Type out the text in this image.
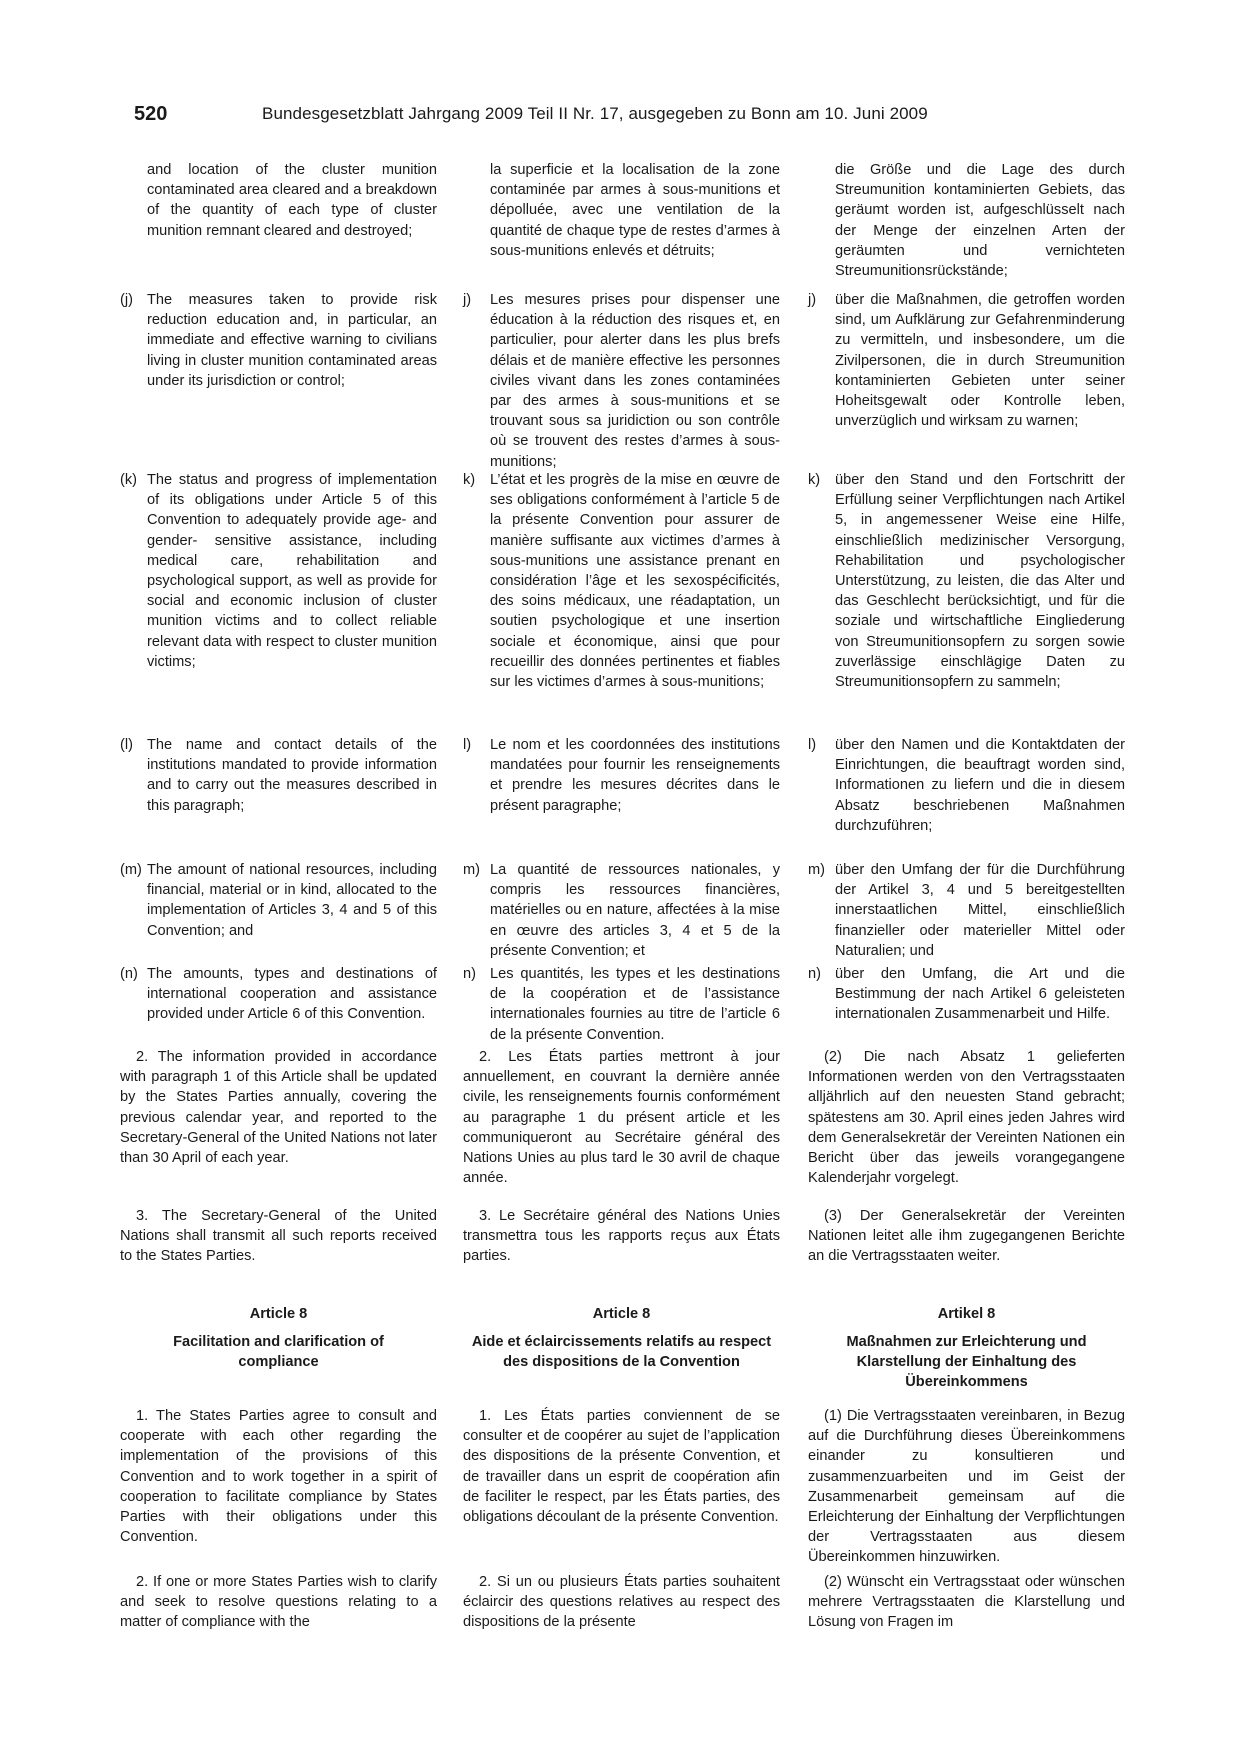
520	Bundesgesetzblatt Jahrgang 2009 Teil II Nr. 17, ausgegeben zu Bonn am 10. Juni 2009
and location of the cluster munition contaminated area cleared and a breakdown of the quantity of each type of cluster munition remnant cleared and destroyed;
(j) The measures taken to provide risk reduction education and, in particular, an immediate and effective warning to civilians living in cluster munition contaminated areas under its jurisdiction or control;
(k) The status and progress of implementation of its obligations under Article 5 of this Convention to adequately provide age- and gender- sensitive assistance, including medical care, rehabilitation and psychological support, as well as provide for social and economic inclusion of cluster munition victims and to collect reliable relevant data with respect to cluster munition victims;
(l) The name and contact details of the institutions mandated to provide information and to carry out the measures described in this paragraph;
(m) The amount of national resources, including financial, material or in kind, allocated to the implementation of Articles 3, 4 and 5 of this Convention; and
(n) The amounts, types and destinations of international cooperation and assistance provided under Article 6 of this Convention.
2. The information provided in accordance with paragraph 1 of this Article shall be updated by the States Parties annually, covering the previous calendar year, and reported to the Secretary-General of the United Nations not later than 30 April of each year.
3. The Secretary-General of the United Nations shall transmit all such reports received to the States Parties.
Article 8
Facilitation and clarification of compliance
1. The States Parties agree to consult and cooperate with each other regarding the implementation of the provisions of this Convention and to work together in a spirit of cooperation to facilitate compliance by States Parties with their obligations under this Convention.
2. If one or more States Parties wish to clarify and seek to resolve questions relating to a matter of compliance with the
la superficie et la localisation de la zone contaminée par armes à sous-munitions et dépolluée, avec une ventilation de la quantité de chaque type de restes d’armes à sous-munitions enlevés et détruits;
j) Les mesures prises pour dispenser une éducation à la réduction des risques et, en particulier, pour alerter dans les plus brefs délais et de manière effective les personnes civiles vivant dans les zones contaminées par des armes à sous-munitions et se trouvant sous sa juridiction ou son contrôle où se trouvent des restes d’armes à sous-munitions;
k) L’état et les progrès de la mise en œuvre de ses obligations conformément à l’article 5 de la présente Convention pour assurer de manière suffisante aux victimes d’armes à sous-munitions une assistance prenant en considération l’âge et les sexospécificités, des soins médicaux, une réadaptation, un soutien psychologique et une insertion sociale et économique, ainsi que pour recueillir des données pertinentes et fiables sur les victimes d’armes à sous-munitions;
l) Le nom et les coordonnées des institutions mandatées pour fournir les renseignements et prendre les mesures décrites dans le présent paragraphe;
m) La quantité de ressources nationales, y compris les ressources financières, matérielles ou en nature, affectées à la mise en œuvre des articles 3, 4 et 5 de la présente Convention; et
n) Les quantités, les types et les destinations de la coopération et de l’assistance internationales fournies au titre de l’article 6 de la présente Convention.
2. Les États parties mettront à jour annuellement, en couvrant la dernière année civile, les renseignements fournis conformément au paragraphe 1 du présent article et les communiqueront au Secrétaire général des Nations Unies au plus tard le 30 avril de chaque année.
3. Le Secrétaire général des Nations Unies transmettra tous les rapports reçus aux États parties.
Article 8
Aide et éclaircissements relatifs au respect des dispositions de la Convention
1. Les États parties conviennent de se consulter et de coopérer au sujet de l’application des dispositions de la présente Convention, et de travailler dans un esprit de coopération afin de faciliter le respect, par les États parties, des obligations découlant de la présente Convention.
2. Si un ou plusieurs États parties souhaitent éclaircir des questions relatives au respect des dispositions de la présente
die Größe und die Lage des durch Streumunition kontaminierten Gebiets, das geräumt worden ist, aufgeschlüsselt nach der Menge der einzelnen Arten der geräumten und vernichteten Streumunitionsrückstände;
j) über die Maßnahmen, die getroffen worden sind, um Aufklärung zur Gefahrenminderung zu vermitteln, und insbesondere, um die Zivilpersonen, die in durch Streumunition kontaminierten Gebieten unter seiner Hoheitsgewalt oder Kontrolle leben, unverzüglich und wirksam zu warnen;
k) über den Stand und den Fortschritt der Erfüllung seiner Verpflichtungen nach Artikel 5, in angemessener Weise eine Hilfe, einschließlich medizinischer Versorgung, Rehabilitation und psychologischer Unterstützung, zu leisten, die das Alter und das Geschlecht berücksichtigt, und für die soziale und wirtschaftliche Eingliederung von Streumunitionsopfern zu sorgen sowie zuverlässige einschlägige Daten zu Streumunitionsopfern zu sammeln;
l) über den Namen und die Kontaktdaten der Einrichtungen, die beauftragt worden sind, Informationen zu liefern und die in diesem Absatz beschriebenen Maßnahmen durchzuführen;
m) über den Umfang der für die Durchführung der Artikel 3, 4 und 5 bereitgestellten innerstaatlichen Mittel, einschließlich finanzieller oder materieller Mittel oder Naturalien; und
n) über den Umfang, die Art und die Bestimmung der nach Artikel 6 geleisteten internationalen Zusammenarbeit und Hilfe.
(2) Die nach Absatz 1 gelieferten Informationen werden von den Vertragsstaaten alljährlich auf den neuesten Stand gebracht; spätestens am 30. April eines jeden Jahres wird dem Generalsekretär der Vereinten Nationen ein Bericht über das jeweils vorangegangene Kalenderjahr vorgelegt.
(3) Der Generalsekretär der Vereinten Nationen leitet alle ihm zugegangenen Berichte an die Vertragsstaaten weiter.
Artikel 8
Maßnahmen zur Erleichterung und Klarstellung der Einhaltung des Übereinkommens
(1) Die Vertragsstaaten vereinbaren, in Bezug auf die Durchführung dieses Übereinkommens einander zu konsultieren und zusammenzuarbeiten und im Geist der Zusammenarbeit gemeinsam auf die Erleichterung der Einhaltung der Verpflichtungen der Vertragsstaaten aus diesem Übereinkommen hinzuwirken.
(2) Wünscht ein Vertragsstaat oder wünschen mehrere Vertragsstaaten die Klarstellung und Lösung von Fragen im
